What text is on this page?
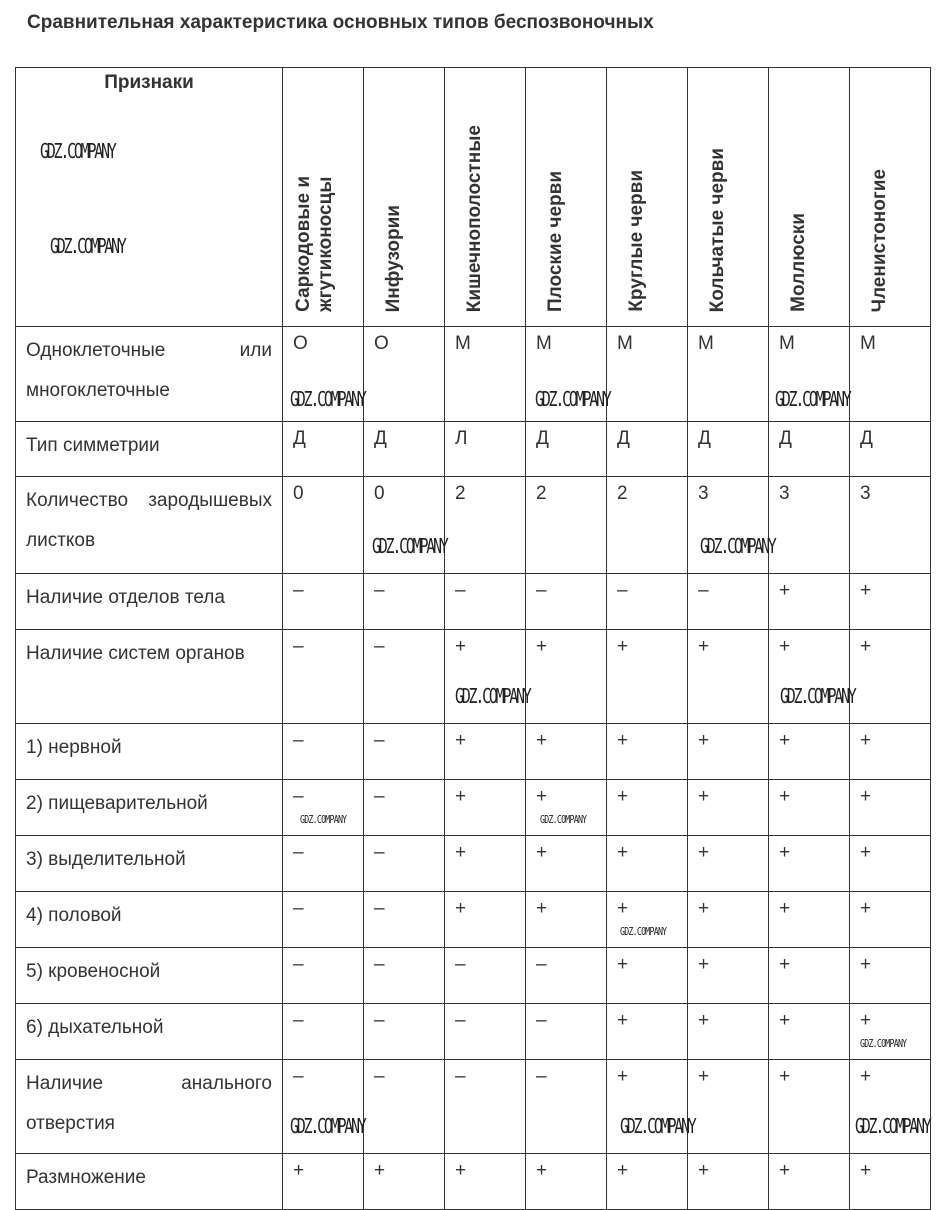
Сравнительная характеристика основных типов беспозвоночных
Признаки	Саркодовые и
жгутиконосцы	Инфузории	Кишечнополостные	Плоские черви	Круглые черви	Кольчатые черви	Моллюски	Членистоногие

Одноклеточные или многоклеточные	О	О	М	М	М	М	М	М
Тип симметрии	Д	Д	Л	Д	Д	Д	Д	Д
Количество зародышевых листков	0	0	2	2	2	3	3	3
Наличие отделов тела	–	–	–	–	–	–	+	+
Наличие систем органов	–	–	+	+	+	+	+	+
1) нервной	–	–	+	+	+	+	+	+
2) пищеварительной	–	–	+	+	+	+	+	+
3) выделительной	–	–	+	+	+	+	+	+
4) половой	–	–	+	+	+	+	+	+
5) кровеносной	–	–	–	–	+	+	+	+
6) дыхательной	–	–	–	–	+	+	+	+
Наличие анального отверстия	–	–	–	–	+	+	+	+
Размножение	+	+	+	+	+	+	+	+
GDZ.COMPANY
GDZ.COMPANY
GDZ.COMPANY	GDZ.COMPANY	GDZ.COMPANY
GDZ.COMPANY	GDZ.COMPANY
GDZ.COMPANY	GDZ.COMPANY
GDZ.COMPANY
GDZ.COMPANY
GDZ.COMPANY
GDZ.COMPANY	GDZ.COMPANY	GDZ.COMPANY
GDZ.COMPANY
